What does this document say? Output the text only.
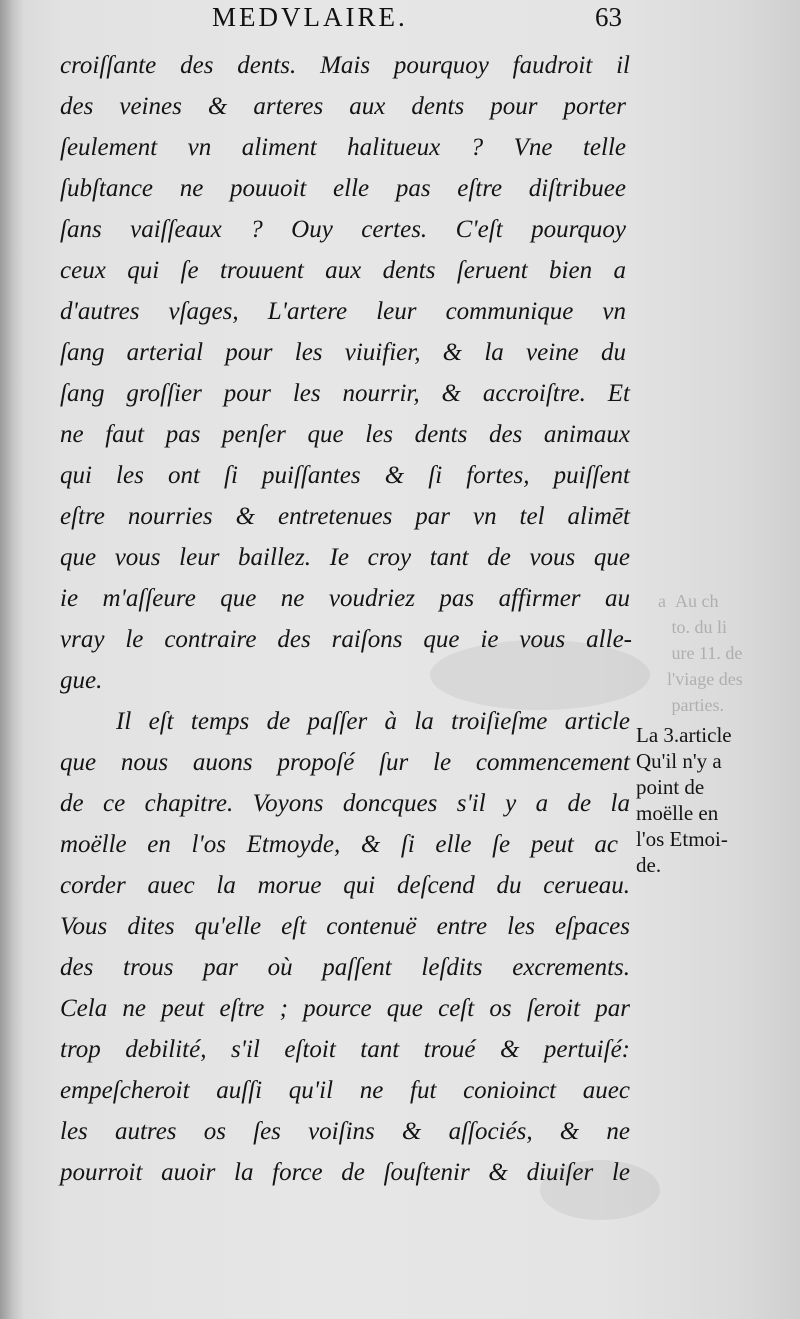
a  Au ch
to. du li
ure 11. de
l'viage des
parties.
MEDVLAIRE.	63
croiſſante des dents. Mais pourquoy faudroit il
des veines & arteres aux dents pour porter
ſeulement vn aliment halitueux ? Vne telle
ſubſtance ne pouuoit elle pas eſtre diſtribuee
ſans vaiſſeaux ? Ouy certes. C'eſt pourquoy
ceux qui ſe trouuent aux dents ſeruent bien a
d'autres vſages, L'artere leur communique vn
ſang arterial pour les viuifier, & la veine du
ſang groſſier pour les nourrir, & accroiſtre. Et
ne faut pas penſer que les dents des animaux
qui les ont ſi puiſſantes & ſi fortes, puiſſent
eſtre nourries & entretenues par vn tel alimēt
que vous leur baillez. Ie croy tant de vous que
ie m'aſſeure que ne voudriez pas affirmer au
vray le contraire des raiſons que ie vous alle-
gue.
Il eſt temps de paſſer à la troiſieſme article
que nous auons propoſé ſur le commencement
de ce chapitre. Voyons doncques s'il y a de la
moëlle en l'os Etmoyde, & ſi elle ſe peut ac
corder auec la morue qui deſcend du cerueau.
Vous dites qu'elle eſt contenuë entre les eſpaces
des trous par où paſſent leſdits excrements.
Cela ne peut eſtre ; pource que ceſt os ſeroit par
trop debilité, s'il eſtoit tant troué & pertuiſé:
empeſcheroit auſſi qu'il ne fut conioinct auec
les autres os ſes voiſins & aſſociés, & ne
pourroit auoir la force de ſouſtenir & diuiſer le
La 3.article
Qu'il n'y a
point de
moëlle en
l'os Etmoi-
de.
